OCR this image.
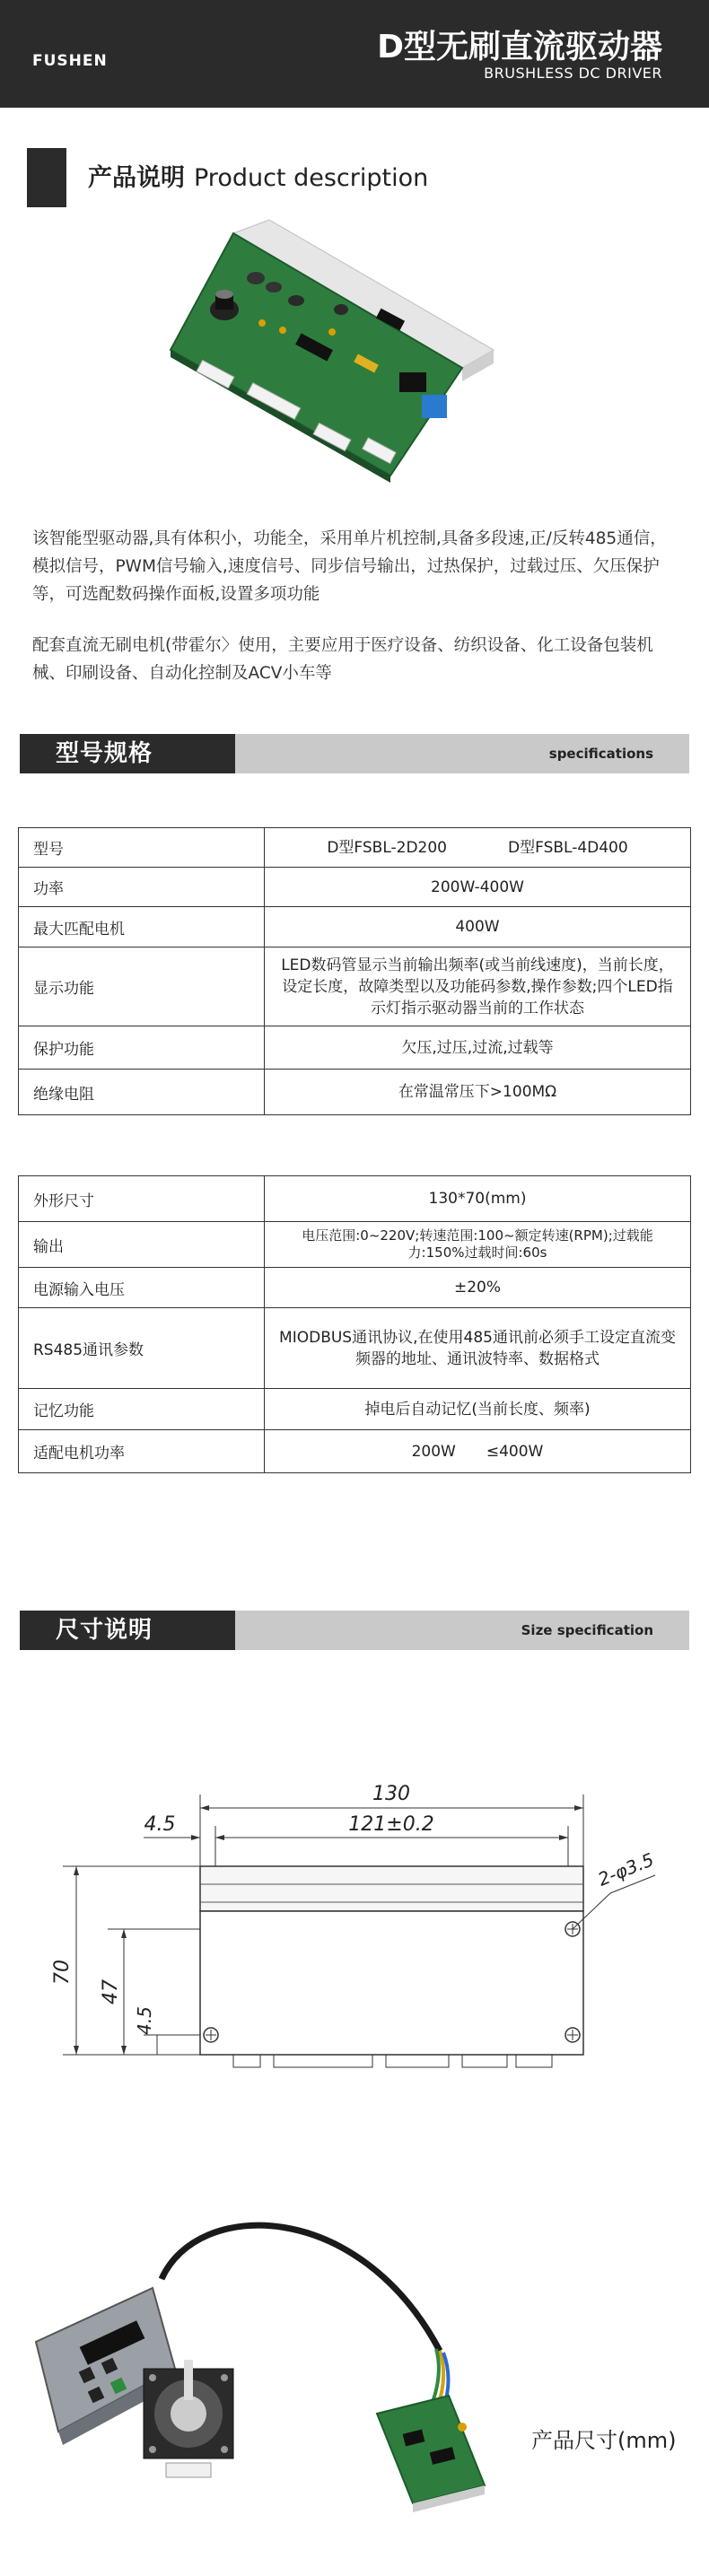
FUSHEN	D型无刷直流驱动器
BRUSHLESS DC DRIVER
产品说明 Product description

该智能型驱动器,具有体积小，功能全，采用单片机控制,具备多段速,正/反转485通信，模拟信号，PWM信号输入,速度信号、同步信号输出，过热保护，过载过压、欠压保护等，可选配数码操作面板,设置多项功能

配套直流无刷电机(带霍尔〉使用，主要应用于医疗设备、纺织设备、化工设备包装机械、印刷设备、自动化控制及ACV小车等

型号规格	specifications
型号	D型FSBL-2D200　　　　D型FSBL-4D400
功率	200W-400W
最大匹配电机	400W
显示功能	LED数码管显示当前输出频率(或当前线速度)，当前长度，设定长度，故障类型以及功能码参数,操作参数;四个LED指示灯指示驱动器当前的工作状态
保护功能	欠压,过压,过流,过载等
绝缘电阻	在常温常压下>100MΩ
外形尺寸	130*70(mm)
输出	电压范围:0~220V;转速范围:100~额定转速(RPM);过载能力:150%过载时间:60s
电源输入电压	±20%
RS485通讯参数	MIODBUS通讯协议,在使用485通讯前必须手工设定直流变频器的地址、通讯波特率、数据格式
记忆功能	掉电后自动记忆(当前长度、频率)
适配电机功率	200W　　≤400W
尺寸说明	Size specification
130
121±0.2
4.5
2-φ3.5
70
47
4.5
产品尺寸(mm)
